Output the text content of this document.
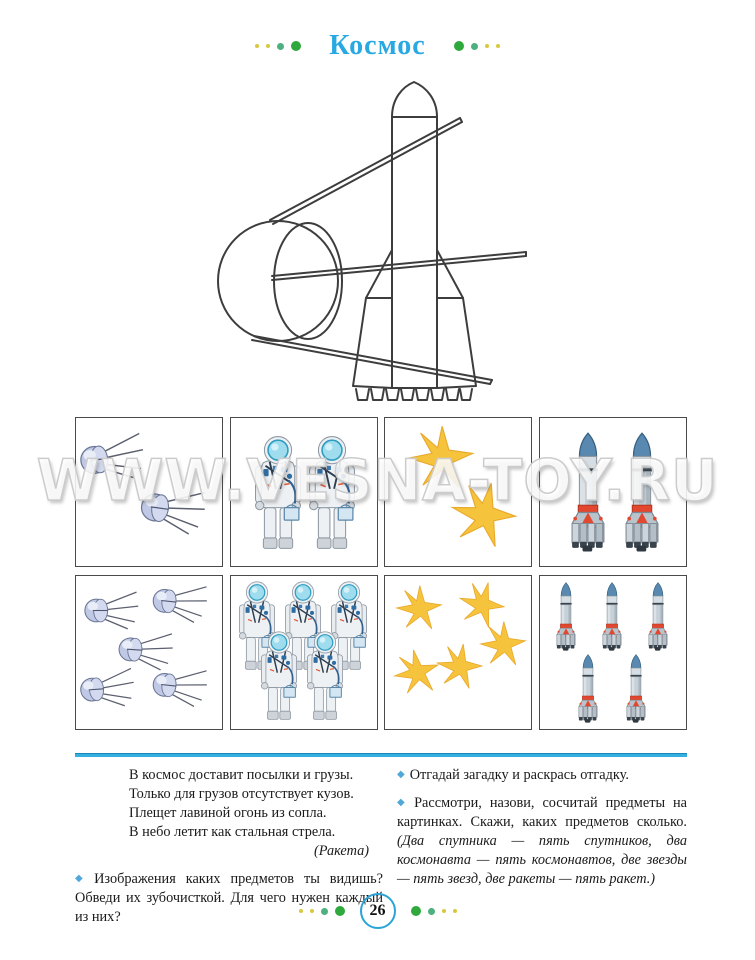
Космос
WWW.VESNA-TOY.RU
В космос доставит посылки и грузы.
Только для грузов отсутствует кузов.
Плещет лавиной огонь из сопла.
В небо летит как стальная стрела.
(Ракета)
◆ Изображения каких предметов ты видишь? Обведи их зубочисткой. Для чего нужен каждый из них?
◆ Отгадай загадку и раскрась отгадку.
◆ Рассмотри, назови, сосчитай предметы на картинках. Скажи, каких предметов сколько. (Два спутника — пять спутников, два космонавта — пять космонавтов, две звезды — пять звезд, две ракеты — пять ракет.)
26
